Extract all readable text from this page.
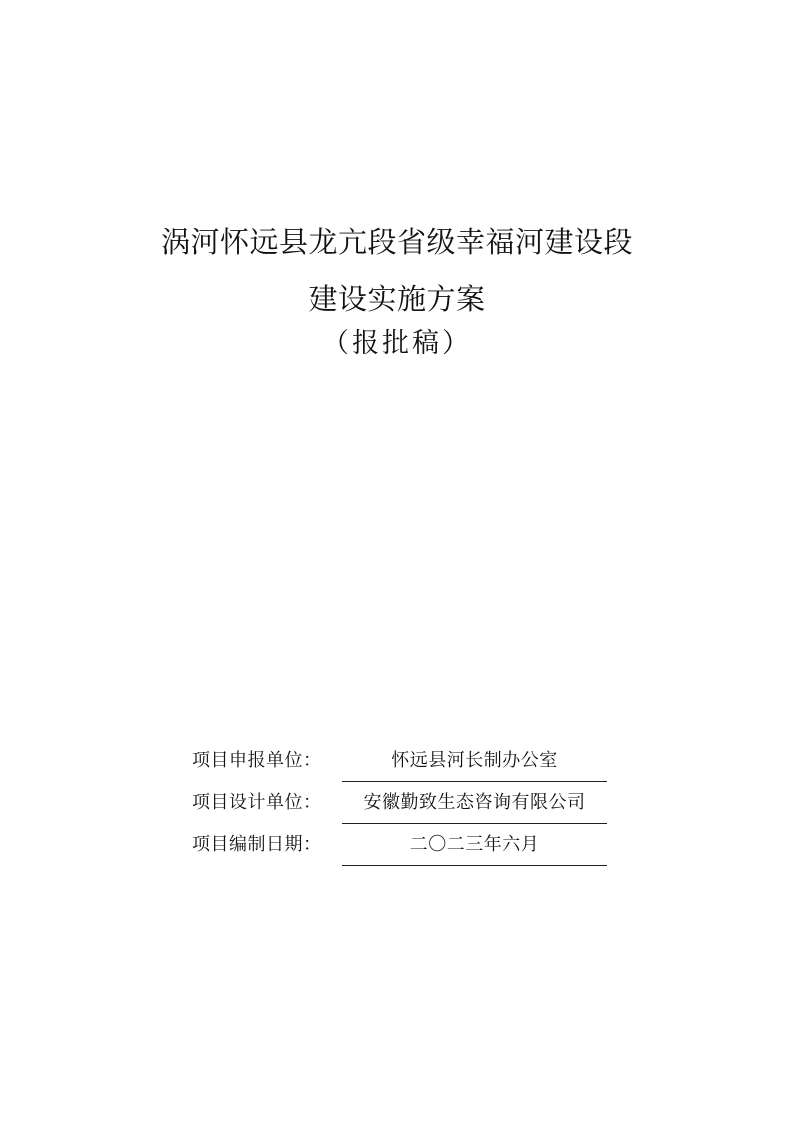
涡河怀远县龙亢段省级幸福河建设段
建设实施方案
（报批稿）
项目申报单位：	怀远县河长制办公室
项目设计单位：	安徽勤致生态咨询有限公司
项目编制日期：	二〇二三年六月
